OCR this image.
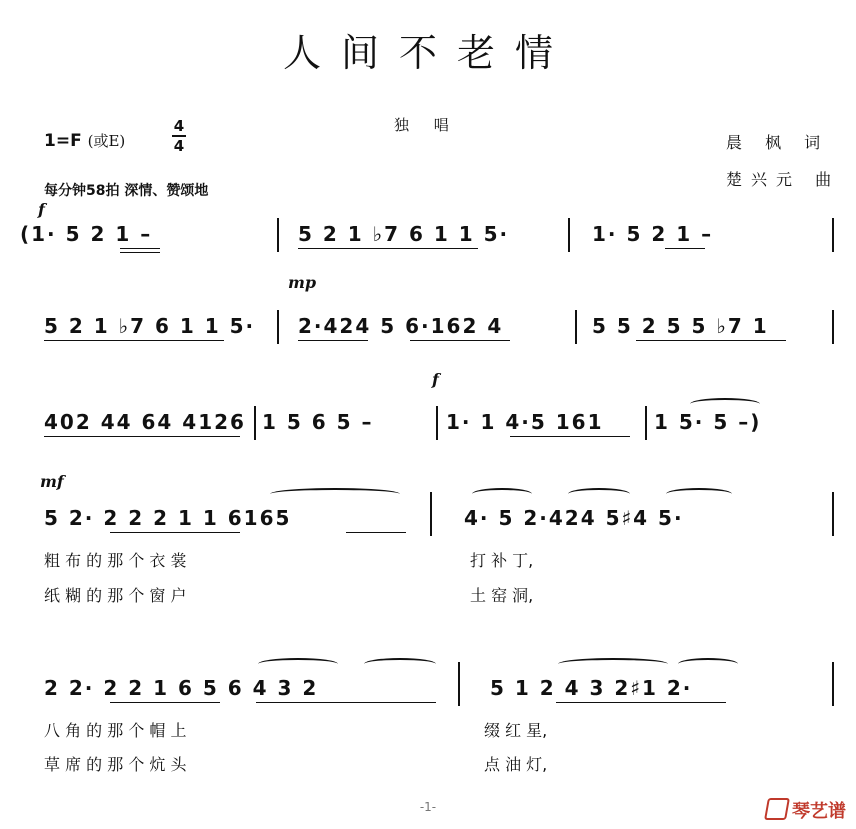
人间不老情
独 唱
1=F (或E)
4
4
每分钟58拍 深情、赞颂地
晨 枫 词
楚兴元 曲
f
(1· 5 2 1 –	5 2 1 ♭7 6 1 1 5·	1· 5 2 1 –
mp
5 2 1 ♭7 6 1 1 5· 2·424 5 6·162 4	5 5 2 5 5 ♭7 1
f
402 44 64 4126 1 5 6 5 –	1· 1 4·5 161	1 5· 5 –)
mf
5 2· 2 2 2 1 1 6165	4· 5 2·424 5♯4 5·
粗 布 的 那 个 衣 裳	打 补 丁,
纸 糊 的 那 个 窗 户	土 窑 洞,
2 2· 2 2 1 6 5 6 4 3 2	5 1 2 4 3 2♯1 2·
八 角 的 那 个 帽 上	缀 红 星,
草 席 的 那 个 炕 头	点 油 灯,
-1-	琴艺谱
